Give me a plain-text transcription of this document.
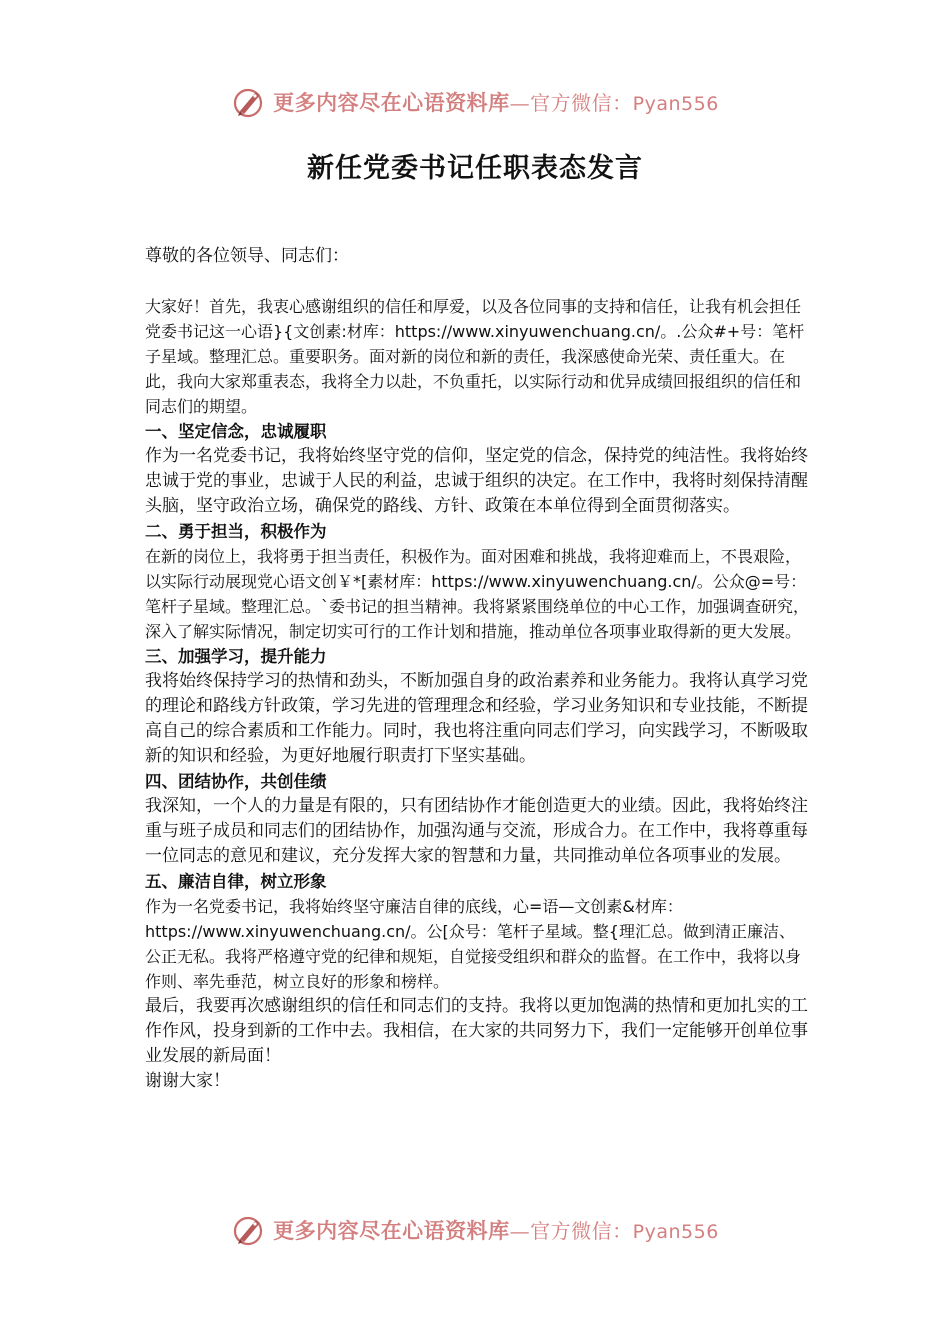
更多内容尽在心语资料库—官方微信：Pyan556
新任党委书记任职表态发言

尊敬的各位领导、同志们：

大家好！首先，我衷心感谢组织的信任和厚爱，以及各位同事的支持和信任，让我有机会担任党委书记这一心语}{文创素:材库：https://www.xinyuwenchuang.cn/。.公众#+号：笔杆子星域。整理汇总。重要职务。面对新的岗位和新的责任，我深感使命光荣、责任重大。在此，我向大家郑重表态，我将全力以赴，不负重托，以实际行动和优异成绩回报组织的信任和同志们的期望。

一、坚定信念，忠诚履职

作为一名党委书记，我将始终坚守党的信仰，坚定党的信念，保持党的纯洁性。我将始终忠诚于党的事业，忠诚于人民的利益，忠诚于组织的决定。在工作中，我将时刻保持清醒头脑，坚守政治立场，确保党的路线、方针、政策在本单位得到全面贯彻落实。

二、勇于担当，积极作为

在新的岗位上，我将勇于担当责任，积极作为。面对困难和挑战，我将迎难而上，不畏艰险，以实际行动展现党心语文创￥*[素材库：https://www.xinyuwenchuang.cn/。公众@=号：笔杆子星域。整理汇总。`委书记的担当精神。我将紧紧围绕单位的中心工作，加强调查研究，深入了解实际情况，制定切实可行的工作计划和措施，推动单位各项事业取得新的更大发展。

三、加强学习，提升能力

我将始终保持学习的热情和劲头，不断加强自身的政治素养和业务能力。我将认真学习党的理论和路线方针政策，学习先进的管理理念和经验，学习业务知识和专业技能，不断提高自己的综合素质和工作能力。同时，我也将注重向同志们学习，向实践学习，不断吸取新的知识和经验，为更好地履行职责打下坚实基础。

四、团结协作，共创佳绩

我深知，一个人的力量是有限的，只有团结协作才能创造更大的业绩。因此，我将始终注重与班子成员和同志们的团结协作，加强沟通与交流，形成合力。在工作中，我将尊重每一位同志的意见和建议，充分发挥大家的智慧和力量，共同推动单位各项事业的发展。

五、廉洁自律，树立形象

作为一名党委书记，我将始终坚守廉洁自律的底线，心=语—文创素&材库：https://www.xinyuwenchuang.cn/。公[众号：笔杆子星域。整{理汇总。做到清正廉洁、公正无私。我将严格遵守党的纪律和规矩，自觉接受组织和群众的监督。在工作中，我将以身作则、率先垂范，树立良好的形象和榜样。

最后，我要再次感谢组织的信任和同志们的支持。我将以更加饱满的热情和更加扎实的工作作风，投身到新的工作中去。我相信，在大家的共同努力下，我们一定能够开创单位事业发展的新局面！

谢谢大家！

更多内容尽在心语资料库—官方微信：Pyan556
